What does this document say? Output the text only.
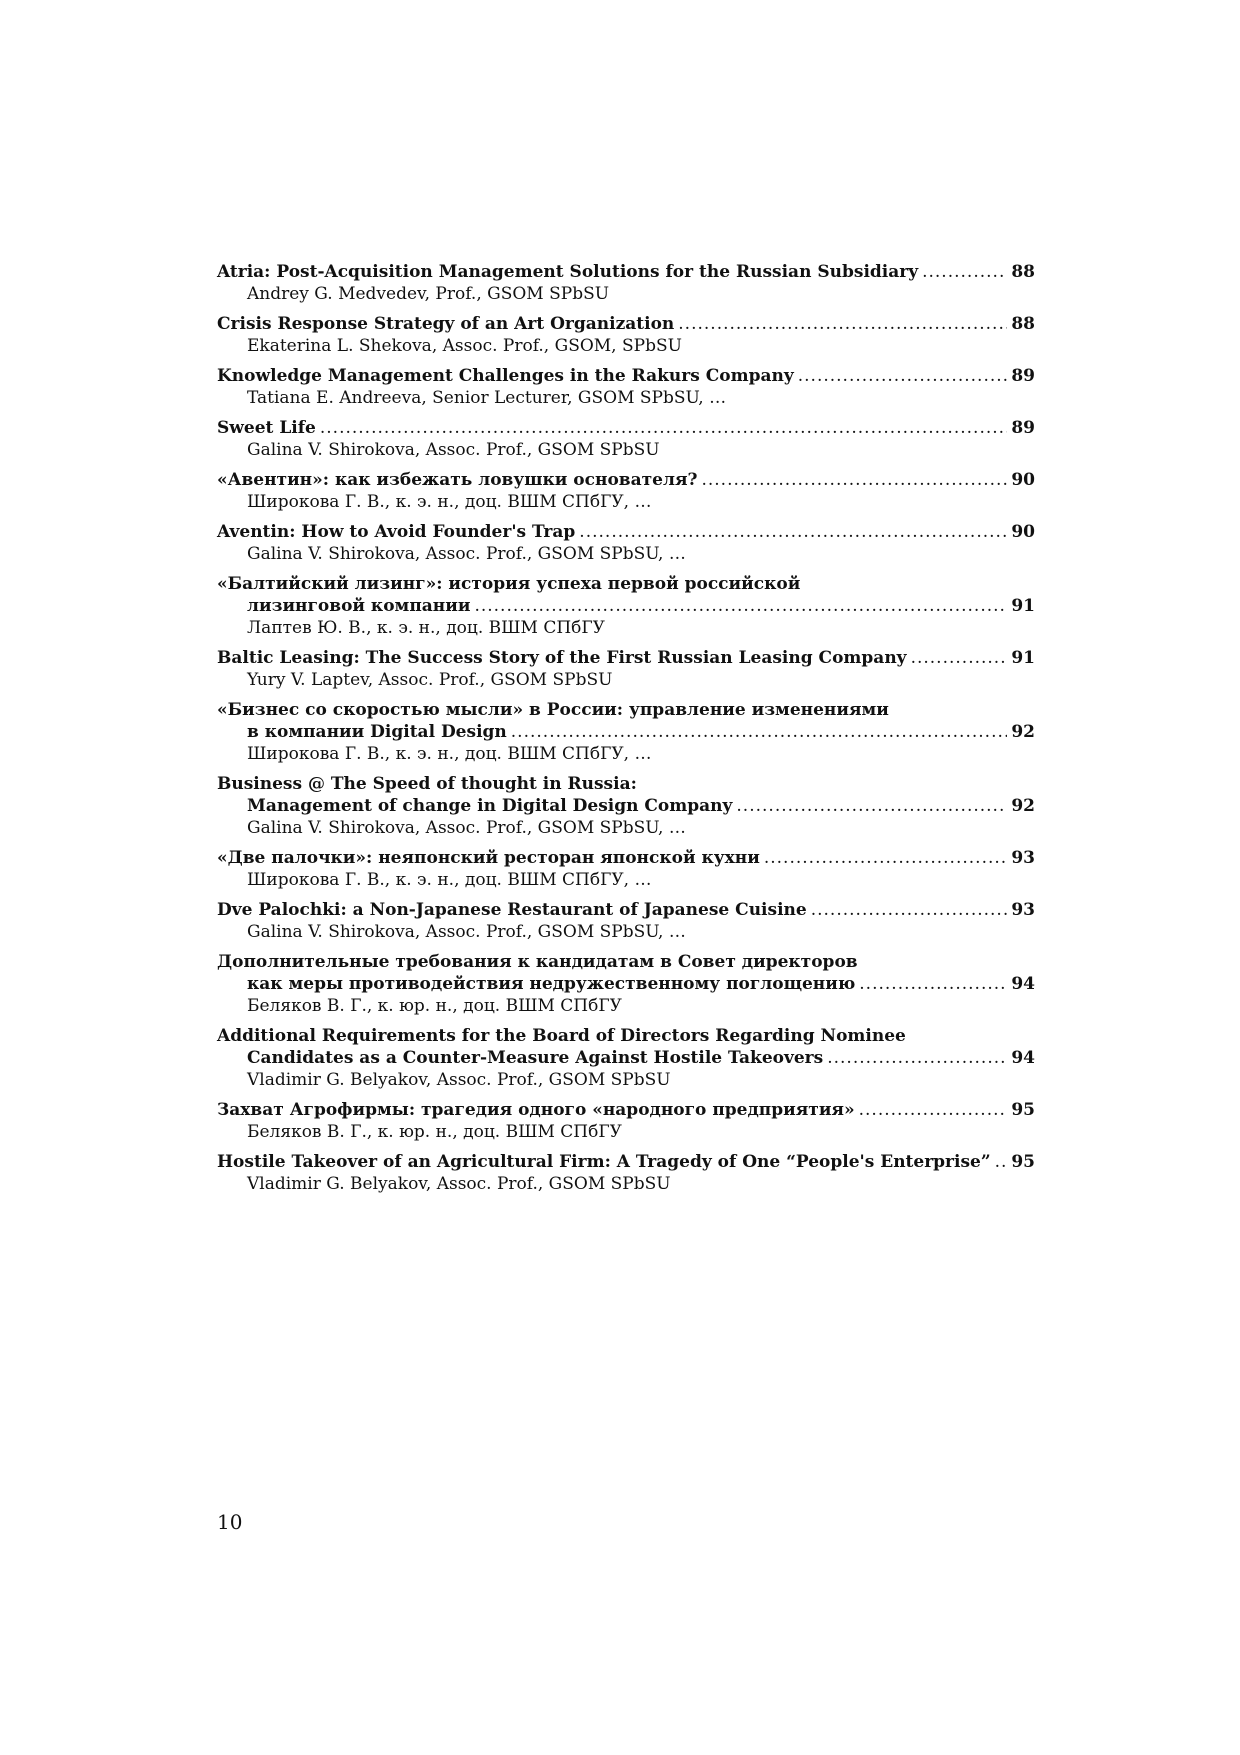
Atria: Post-Acquisition Management Solutions for the Russian Subsidiary .....	88
Andrey G. Medvedev, Prof., GSOM SPbSU
Crisis Response Strategy of an Art Organization .....	88
Ekaterina L. Shekova, Assoc. Prof., GSOM, SPbSU
Knowledge Management Challenges in the Rakurs Company .....	89
Tatiana E. Andreeva, Senior Lecturer, GSOM SPbSU, …
Sweet Life .....	89
Galina V. Shirokova, Assoc. Prof., GSOM SPbSU
«Авентин»: как избежать ловушки основателя? .....	90
Широкова Г. В., к. э. н., доц. ВШМ СПбГУ, …
Aventin: How to Avoid Founder's Trap .....	90
Galina V. Shirokova, Assoc. Prof., GSOM SPbSU, …
«Балтийский лизинг»: история успеха первой российской
лизинговой компании .....	91
Лаптев Ю. В., к. э. н., доц. ВШМ СПбГУ
Baltic Leasing: The Success Story of the First Russian Leasing Company .....	91
Yury V. Laptev, Assoc. Prof., GSOM SPbSU
«Бизнес со скоростью мысли» в России: управление изменениями
в компании Digital Design .....	92
Широкова Г. В., к. э. н., доц. ВШМ СПбГУ, …
Business @ The Speed of thought in Russia:
Management of change in Digital Design Company .....	92
Galina V. Shirokova, Assoc. Prof., GSOM SPbSU, …
«Две палочки»: неяпонский ресторан японской кухни .....	93
Широкова Г. В., к. э. н., доц. ВШМ СПбГУ, …
Dve Palochki: a Non-Japanese Restaurant of Japanese Cuisine .....	93
Galina V. Shirokova, Assoc. Prof., GSOM SPbSU, …
Дополнительные требования к кандидатам в Совет директоров
как меры противодействия недружественному поглощению .....	94
Беляков В. Г., к. юр. н., доц. ВШМ СПбГУ
Additional Requirements for the Board of Directors Regarding Nominee
Candidates as a Counter-Measure Against Hostile Takeovers .....	94
Vladimir G. Belyakov, Assoc. Prof., GSOM SPbSU
Захват Агрофирмы: трагедия одного «народного предприятия» .....	95
Беляков В. Г., к. юр. н., доц. ВШМ СПбГУ
Hostile Takeover of an Agricultural Firm: A Tragedy of One “People's Enterprise” ..... 95
Vladimir G. Belyakov, Assoc. Prof., GSOM SPbSU
10
